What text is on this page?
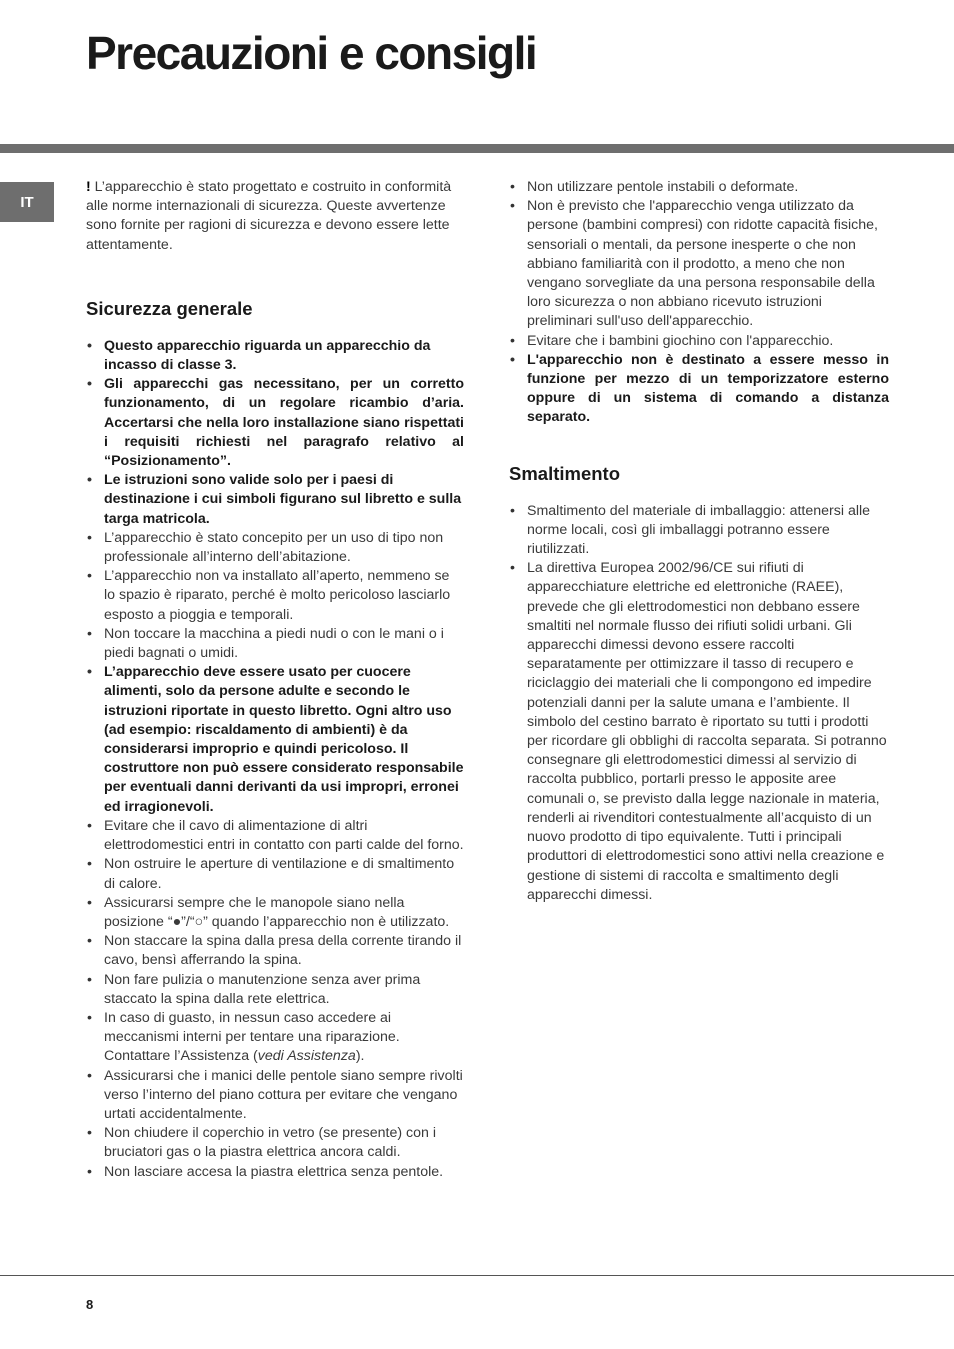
Precauzioni e consigli
IT

! L’apparecchio è stato progettato e costruito in conformità alle norme internazionali di sicurezza. Queste avvertenze sono fornite per ragioni di sicurezza e devono essere lette attentamente.

Sicurezza generale
• Questo apparecchio riguarda un apparecchio da incasso di classe 3.
• Gli apparecchi gas necessitano, per un corretto funzionamento, di un regolare ricambio d’aria. Accertarsi che nella loro installazione siano rispettati i requisiti richiesti nel paragrafo relativo al “Posizionamento”.
• Le istruzioni sono valide solo per i paesi di destinazione i cui simboli figurano sul libretto e sulla targa matricola.
• L’apparecchio è stato concepito per un uso di tipo non professionale all’interno dell’abitazione.
• L’apparecchio non va installato all’aperto, nemmeno se lo spazio è riparato, perché è molto pericoloso lasciarlo esposto a pioggia e temporali.
• Non toccare la macchina a piedi nudi o con le mani o i piedi bagnati o umidi.
• L’apparecchio deve essere usato per cuocere alimenti, solo da persone adulte e secondo le istruzioni riportate in questo libretto. Ogni altro uso (ad esempio: riscaldamento di ambienti) è da considerarsi improprio e quindi pericoloso. Il costruttore non può essere considerato responsabile per eventuali danni derivanti da usi impropri, erronei ed irragionevoli.
• Evitare che il cavo di alimentazione di altri elettrodomestici entri in contatto con parti calde del forno.
• Non ostruire le aperture di ventilazione e di smaltimento di calore.
• Assicurarsi sempre che le manopole siano nella posizione “●”/“○” quando l’apparecchio non è utilizzato.
• Non staccare la spina dalla presa della corrente tirando il cavo, bensì afferrando la spina.
• Non fare pulizia o manutenzione senza aver prima staccato la spina dalla rete elettrica.
• In caso di guasto, in nessun caso accedere ai meccanismi interni per tentare una riparazione. Contattare l’Assistenza (vedi Assistenza).
• Assicurarsi che i manici delle pentole siano sempre rivolti verso l’interno del piano cottura per evitare che vengano urtati accidentalmente.
• Non chiudere il coperchio in vetro (se presente) con i bruciatori gas o la piastra elettrica ancora caldi.
• Non lasciare accesa la piastra elettrica senza pentole.
• Non utilizzare pentole instabili o deformate.
• Non è previsto che l'apparecchio venga utilizzato da persone (bambini compresi) con ridotte capacità fisiche, sensoriali o mentali, da persone inesperte o che non abbiano familiarità con il prodotto, a meno che non vengano sorvegliate da una persona responsabile della loro sicurezza o non abbiano ricevuto istruzioni preliminari sull'uso dell'apparecchio.
• Evitare che i bambini giochino con l'apparecchio.
• L'apparecchio non è destinato a essere messo in funzione per mezzo di un temporizzatore esterno oppure di un sistema di comando a distanza separato.
Smaltimento
• Smaltimento del materiale di imballaggio: attenersi alle norme locali, così gli imballaggi potranno essere riutilizzati.
• La direttiva Europea 2002/96/CE sui rifiuti di apparecchiature elettriche ed elettroniche (RAEE), prevede che gli elettrodomestici non debbano essere smaltiti nel normale flusso dei rifiuti solidi urbani. Gli apparecchi dimessi devono essere raccolti separatamente per ottimizzare il tasso di recupero e riciclaggio dei materiali che li compongono ed impedire potenziali danni per la salute umana e l’ambiente. Il simbolo del cestino barrato è riportato su tutti i prodotti per ricordare gli obblighi di raccolta separata. Si potranno consegnare gli elettrodomestici dimessi al servizio di raccolta pubblico, portarli presso le apposite aree comunali o, se previsto dalla legge nazionale in materia, renderli ai rivenditori contestualmente all’acquisto di un nuovo prodotto di tipo equivalente. Tutti i principali produttori di elettrodomestici sono attivi nella creazione e gestione di sistemi di raccolta e smaltimento degli apparecchi dimessi.
8
